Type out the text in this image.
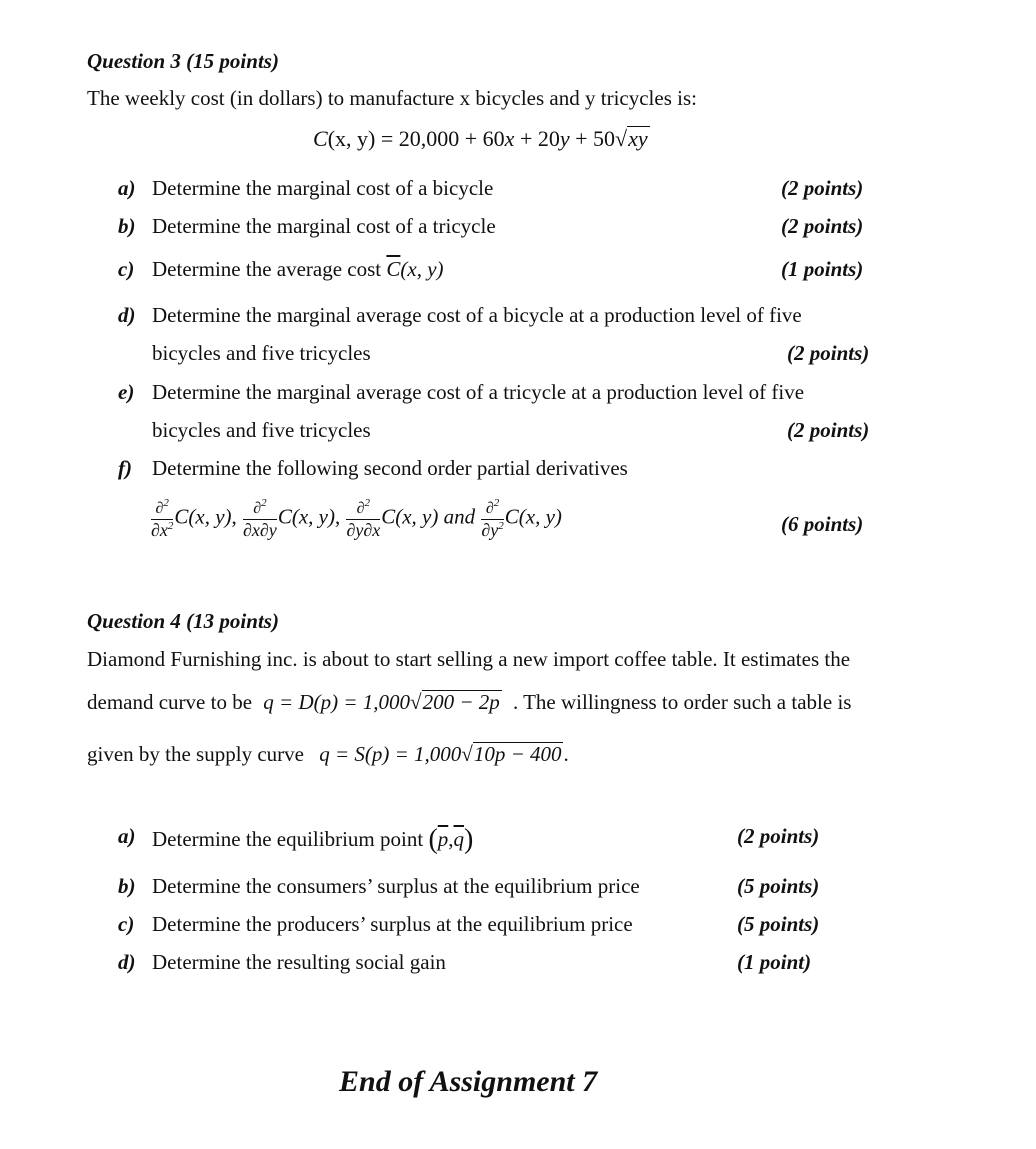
Question 3 (15 points)
The weekly cost (in dollars) to manufacture x bicycles and y tricycles is:
C(x, y) = 20,000 + 60x + 20y + 50√xy
a) Determine the marginal cost of a bicycle	(2 points)
b) Determine the marginal cost of a tricycle	(2 points)
c) Determine the average cost $\overline{C}(x$, y)	(1 points)
d) Determine the marginal average cost of a bicycle at a production level of five
bicycles and five tricycles	(2 points)
e) Determine the marginal average cost of a tricycle at a production level of five
bicycles and five tricycles	(2 points)
f) Determine the following second order partial derivatives
$\frac{\partial^2}{\partial x^2} C(x$, y), $\frac{\partial^2}{\partial x\partial y} C(x$, y), $\frac{\partial^2}{\partial y\partial x} C(x$, y) and $\frac{\partial^2}{\partial y^2} C(x$, y)	(6 points)
Question 4 (13 points)
Diamond Furnishing inc. is about to start selling a new import coffee table. It estimates the
demand curve to be q = D(p) = 1,000√200 − 2p . The willingness to order such a table is
given by the supply curve q = S(p) = 1,000√10p − 400.
a) Determine the equilibrium point $(\overline{p},\overline{q})$	(2 points)
b) Determine the consumers’ surplus at the equilibrium price	(5 points)
c) Determine the producers’ surplus at the equilibrium price	(5 points)
d) Determine the resulting social gain	(1 point)
End of Assignment 7
